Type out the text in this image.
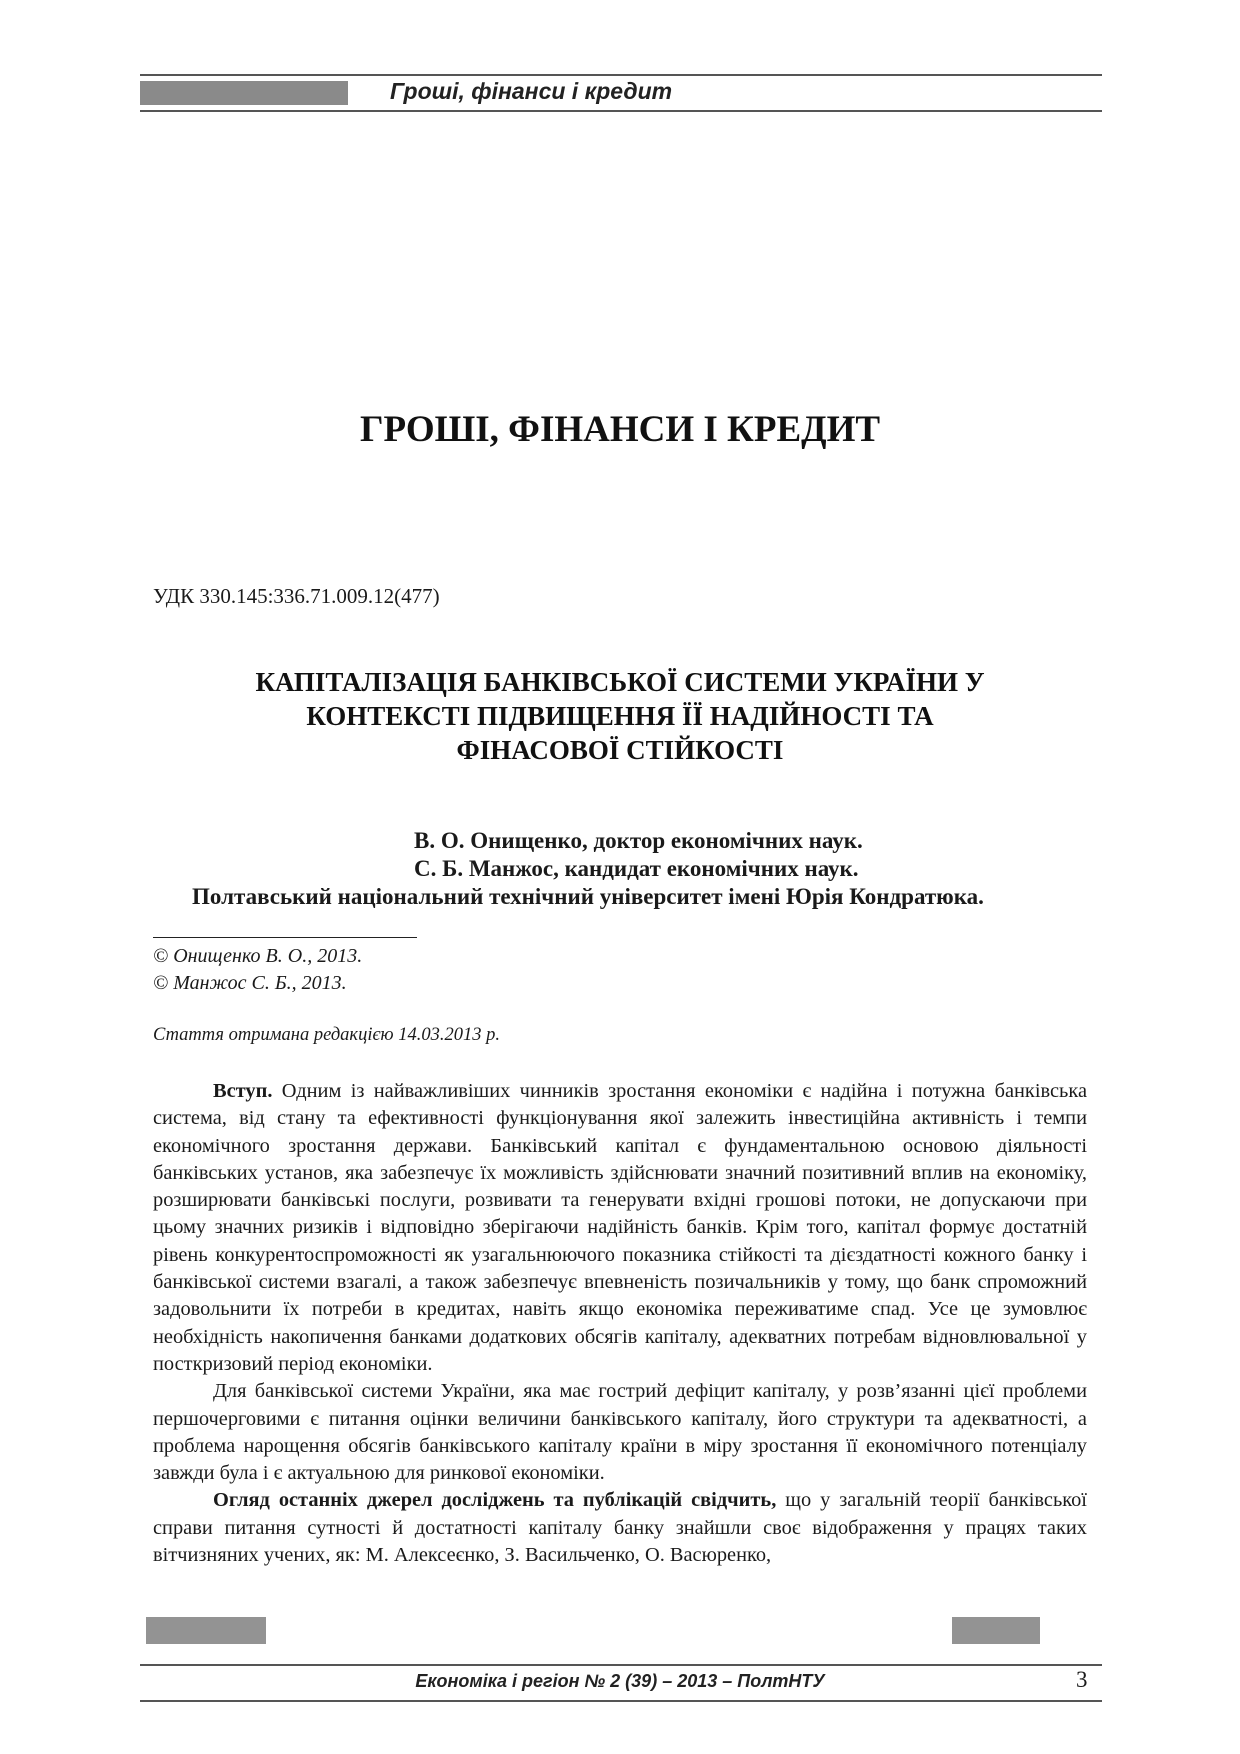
Гроші, фінанси і кредит
ГРОШІ, ФІНАНСИ І КРЕДИТ
УДК 330.145:336.71.009.12(477)
КАПІТАЛІЗАЦІЯ БАНКІВСЬКОЇ СИСТЕМИ УКРАЇНИ У
КОНТЕКСТІ ПІДВИЩЕННЯ ЇЇ НАДІЙНОСТІ ТА
ФІНАСОВОЇ СТІЙКОСТІ
В. О. Онищенко, доктор економічних наук.
С. Б. Манжос, кандидат економічних наук.
Полтавський національний технічний університет імені Юрія Кондратюка.
© Онищенко В. О., 2013.
© Манжос С. Б., 2013.
Стаття отримана редакцією 14.03.2013 р.

Вступ. Одним із найважливіших чинників зростання економіки є надійна і потужна банківська система, від стану та ефективності функціонування якої залежить інвестиційна активність і темпи економічного зростання держави. Банківський капітал є фундаментальною основою діяльності банківських установ, яка забезпечує їх можливість здійснювати значний позитивний вплив на економіку, розширювати банківські послуги, розвивати та генерувати вхідні грошові потоки, не допускаючи при цьому значних ризиків і відповідно зберігаючи надійність банків. Крім того, капітал формує достатній рівень конкурентоспроможності як узагальнюючого показника стійкості та дієздатності кожного банку і банківської системи взагалі, а також забезпечує впевненість позичальників у тому, що банк спроможний задовольнити їх потреби в кредитах, навіть якщо економіка переживатиме спад. Усе це зумовлює необхідність накопичення банками додаткових обсягів капіталу, адекватних потребам відновлювальної у посткризовий період економіки.

Для банківської системи України, яка має гострий дефіцит капіталу, у розв’язанні цієї проблеми першочерговими є питання оцінки величини банківського капіталу, його структури та адекватності, а проблема нарощення обсягів банківського капіталу країни в міру зростання її економічного потенціалу завжди була і є актуальною для ринкової економіки.

Огляд останніх джерел досліджень та публікацій свідчить, що у загальній теорії банківської справи питання сутності й достатності капіталу банку знайшли своє відображення у працях таких вітчизняних учених, як: М. Алексеєнко, З. Васильченко, О. Васюренко,

Економіка і регіон № 2 (39) – 2013 – ПолтНТУ	3
